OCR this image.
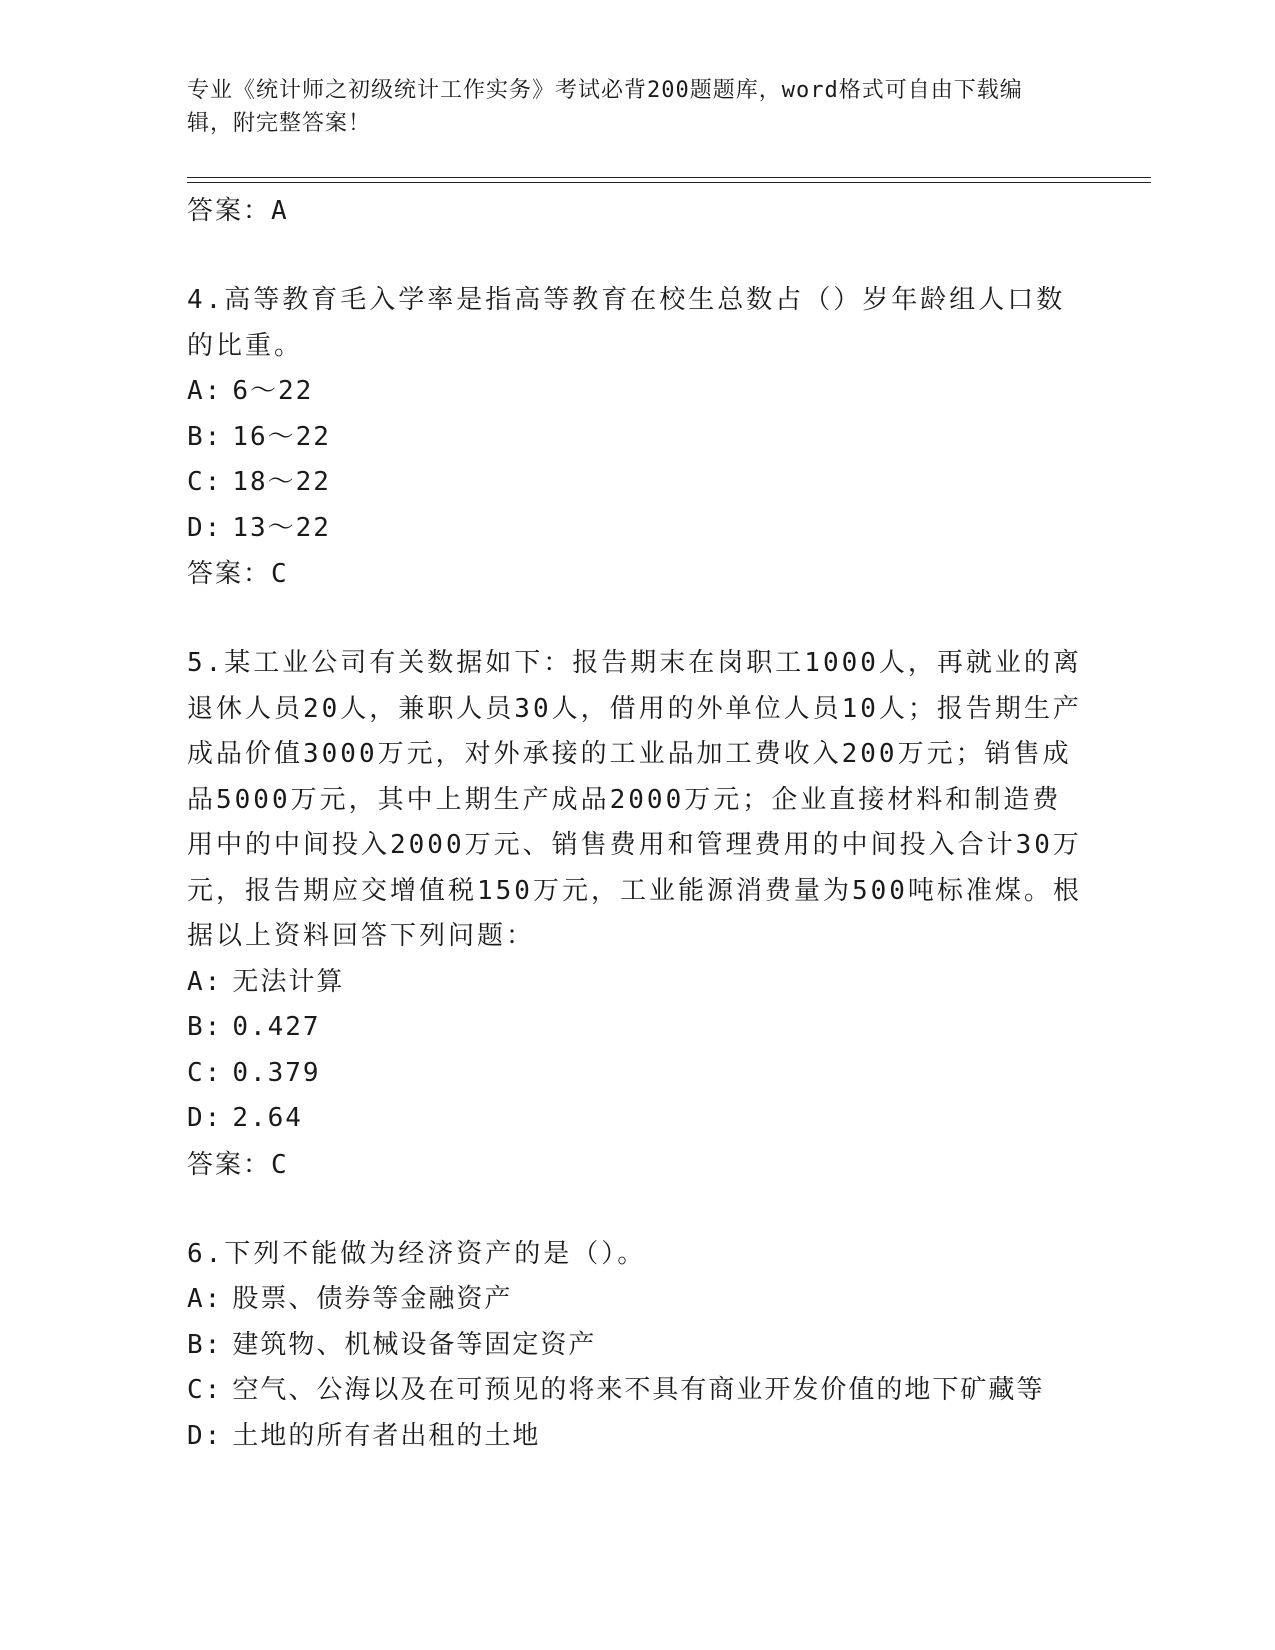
专业《统计师之初级统计工作实务》考试必背200题题库，word格式可自由下载编辑，附完整答案！
答案：A
4.高等教育毛入学率是指高等教育在校生总数占（）岁年龄组人口数的比重。
A: 6～22
B: 16～22
C: 18～22
D: 13～22
答案：C
5.某工业公司有关数据如下：报告期末在岗职工1000人，再就业的离退休人员20人，兼职人员30人，借用的外单位人员10人；报告期生产成品价值3000万元，对外承接的工业品加工费收入200万元；销售成品5000万元，其中上期生产成品2000万元；企业直接材料和制造费用中的中间投入2000万元、销售费用和管理费用的中间投入合计30万元，报告期应交增值税150万元，工业能源消费量为500吨标准煤。根据以上资料回答下列问题：
A: 无法计算
B: 0.427
C: 0.379
D: 2.64
答案：C
6.下列不能做为经济资产的是（）。
A: 股票、债券等金融资产
B: 建筑物、机械设备等固定资产
C: 空气、公海以及在可预见的将来不具有商业开发价值的地下矿藏等
D: 土地的所有者出租的土地
